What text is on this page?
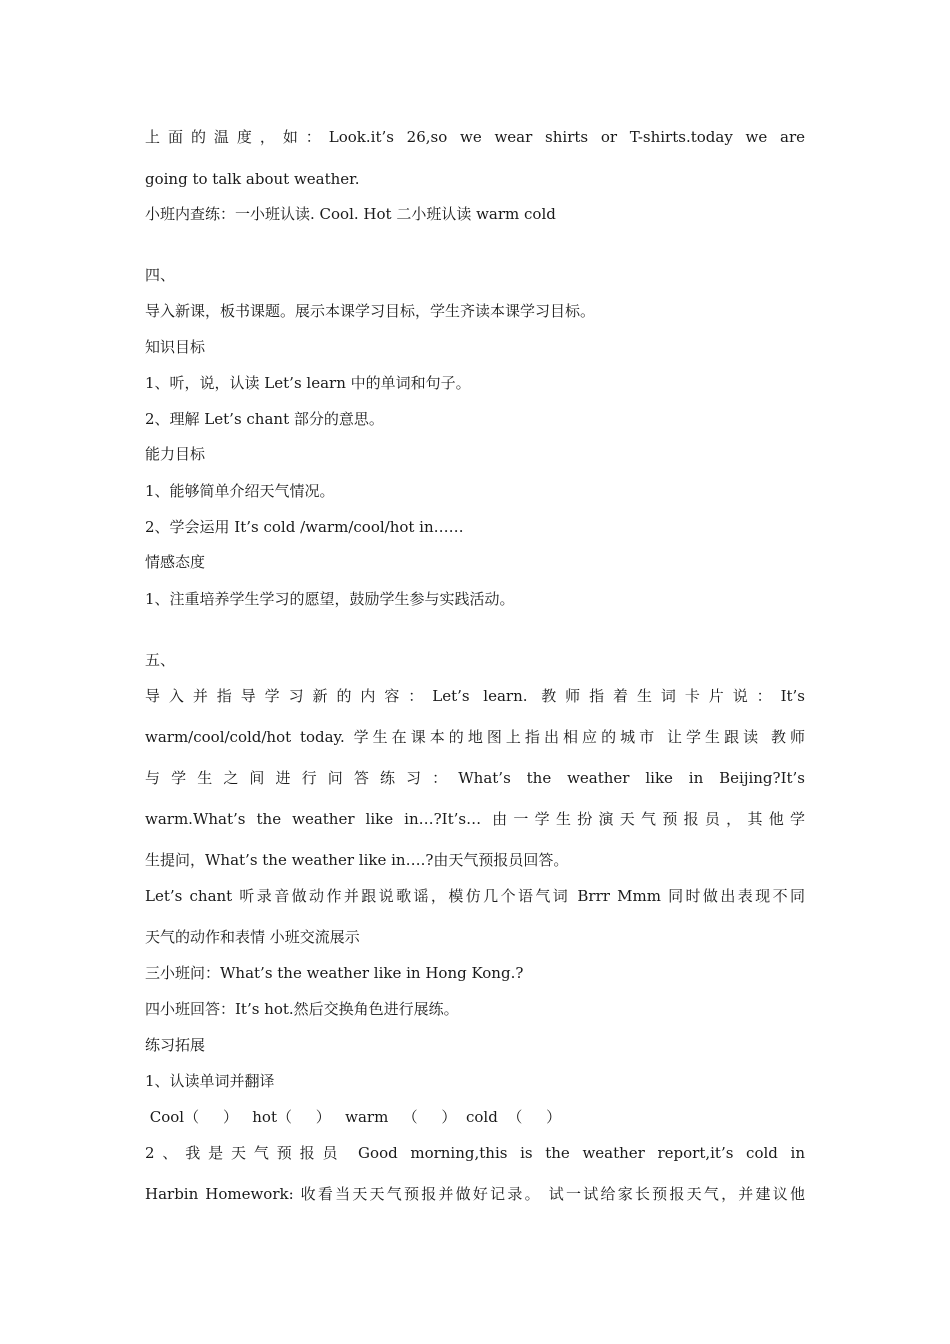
上面的温度，如：Look.it’s 26,so we wear shirts or T-shirts.today we are
going to talk about weather.
小班内查练：一小班认读. Cool. Hot 二小班认读 warm cold
四、
导入新课，板书课题。展示本课学习目标，学生齐读本课学习目标。
知识目标
1、听，说，认读 Let’s learn 中的单词和句子。
2、理解 Let’s chant 部分的意思。
能力目标
1、能够简单介绍天气情况。
2、学会运用 It’s cold /warm/cool/hot in……
情感态度
1、注重培养学生学习的愿望，鼓励学生参与实践活动。
五、
导入并指导学习新的内容：Let’s learn. 教师指着生词卡片说：It’s
warm/cool/cold/hot today. 学生在课本的地图上指出相应的城市 让学生跟读 教师
与学生之间进行问答练习：What’s the weather like in Beijing?It’s
warm.What’s the weather like in…?It’s… 由一学生扮演天气预报员，其他学
生提问，What’s the weather like in….?由天气预报员回答。
Let’s chant 听录音做动作并跟说歌谣，模仿几个语气词 Brrr Mmm 同时做出表现不同
天气的动作和表情 小班交流展示
三小班问：What’s the weather like in Hong Kong.?
四小班回答：It’s hot.然后交换角色进行展练。
练习拓展
1、认读单词并翻译
Cool（     ）   hot（     ）   warm   （     ）  cold  （     ）
2、我是天气预报员 Good morning,this is the weather report,it’s cold in
Harbin Homework: 收看当天天气预报并做好记录。 试一试给家长预报天气，并建议他
